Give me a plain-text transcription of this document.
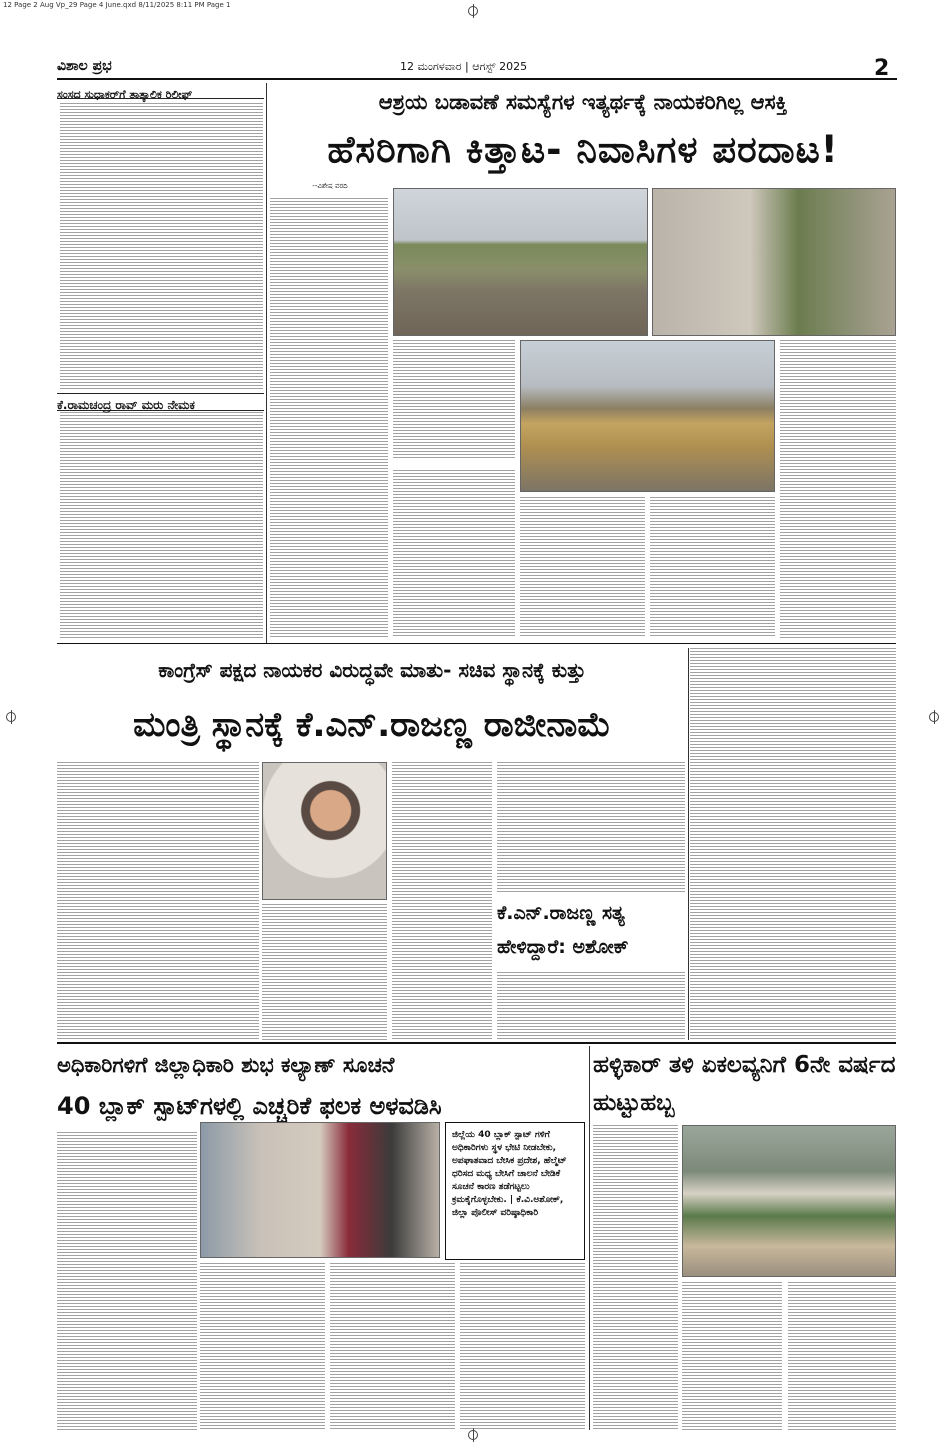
12 Page 2 Aug Vp_29 Page 4 June.qxd 8/11/2025 8:11 PM Page 1
ವಿಶಾಲ ಪ್ರಭ	12 ಮಂಗಳವಾರ | ಆಗಸ್ಟ್ 2025	2
ಸಂಸದ ಸುಧಾಕರ್‌ಗೆ ತಾತ್ಕಾಲಿಕ ರಿಲೀಫ್
ಕೆ.ರಾಮಚಂದ್ರ ರಾವ್ ಮರು ನೇಮಕ
ಆಶ್ರಯ ಬಡಾವಣೆ ಸಮಸ್ಯೆಗಳ ಇತ್ಯರ್ಥಕ್ಕೆ ನಾಯಕರಿಗಿಲ್ಲ ಆಸಕ್ತಿ
ಹೆಸರಿಗಾಗಿ ಕಿತ್ತಾಟ- ನಿವಾಸಿಗಳ ಪರದಾಟ!
--ವಿಶೇಷ ವರದಿ
ಕಾಂಗ್ರೆಸ್ ಪಕ್ಷದ ನಾಯಕರ ವಿರುದ್ಧವೇ ಮಾತು- ಸಚಿವ ಸ್ಥಾನಕ್ಕೆ ಕುತ್ತು
ಮಂತ್ರಿ ಸ್ಥಾನಕ್ಕೆ ಕೆ.ಎನ್.ರಾಜಣ್ಣ ರಾಜೀನಾಮೆ
ಕೆ.ಎನ್.ರಾಜಣ್ಣ ಸತ್ಯ ಹೇಳಿದ್ದಾರೆ: ಅಶೋಕ್
ಅಧಿಕಾರಿಗಳಿಗೆ ಜಿಲ್ಲಾಧಿಕಾರಿ ಶುಭ ಕಲ್ಯಾಣ್ ಸೂಚನೆ
40 ಬ್ಲಾಕ್ ಸ್ಪಾಟ್‌ಗಳಲ್ಲಿ ಎಚ್ಚರಿಕೆ ಫಲಕ ಅಳವಡಿಸಿ
ಜಿಲ್ಲೆಯ 40 ಬ್ಲಾಕ್ ಸ್ಪಾಟ್ ಗಳಿಗೆ ಅಧಿಕಾರಿಗಳು ಸ್ಥಳ ಭೇಟಿ ನೀಡಬೇಕು, ಅಪಘಾತವಾದ ಬೇಸಿಕ ಪ್ರದೇಶ, ಹೆಲ್ಮೆಟ್ ಧರಿಸದ ಮಧ್ಯ ಬೇಸಿಗೆ ಚಾಲನೆ ಬೇಡಿಕೆ ಸೂಚನೆ ಕಾರಣ ತಡೆಗಟ್ಟಲು ಕ್ರಮಕೈಗೊಳ್ಳಬೇಕು. | ಕೆ.ವಿ.ಅಶೋಕ್, ಜಿಲ್ಲಾ ಪೊಲೀಸ್ ವರಿಷ್ಠಾಧಿಕಾರಿ
ಹಳ್ಳಿಕಾರ್ ತಳಿ ಏಕಲವ್ಯನಿಗೆ 6ನೇ ವರ್ಷದ ಹುಟ್ಟುಹಬ್ಬ
